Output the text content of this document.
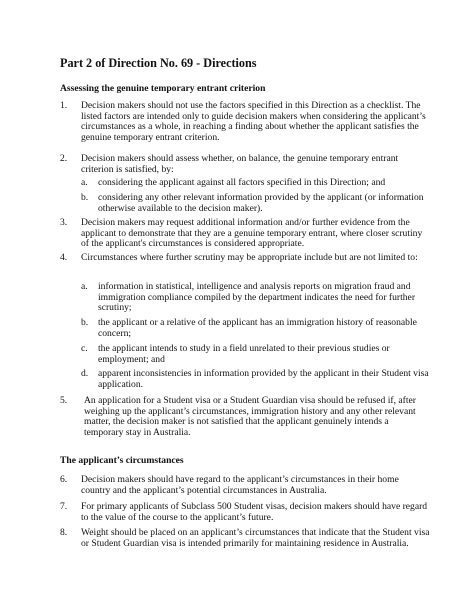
Part 2 of Direction No. 69 - Directions
Assessing the genuine temporary entrant criterion
1.	Decision makers should not use the factors specified in this Direction as a checklist. The listed factors are intended only to guide decision makers when considering the applicant’s circumstances as a whole, in reaching a finding about whether the applicant satisfies the genuine temporary entrant criterion.
2.	Decision makers should assess whether, on balance, the genuine temporary entrant criterion is satisfied, by:
a.	considering the applicant against all factors specified in this Direction; and
b.	considering any other relevant information provided by the applicant (or information otherwise available to the decision maker).
3.	Decision makers may request additional information and/or further evidence from the applicant to demonstrate that they are a genuine temporary entrant, where closer scrutiny of the applicant's circumstances is considered appropriate.
4.	Circumstances where further scrutiny may be appropriate include but are not limited to:
a.	information in statistical, intelligence and analysis reports on migration fraud and immigration compliance compiled by the department indicates the need for further scrutiny;
b.	the applicant or a relative of the applicant has an immigration history of reasonable concern;
c.	the applicant intends to study in a field unrelated to their previous studies or employment; and
d.	apparent inconsistencies in information provided by the applicant in their Student visa application.
5.	An application for a Student visa or a Student Guardian visa should be refused if, after weighing up the applicant’s circumstances, immigration history and any other relevant matter, the decision maker is not satisfied that the applicant genuinely intends a temporary stay in Australia.
The applicant’s circumstances
6.	Decision makers should have regard to the applicant’s circumstances in their home country and the applicant’s potential circumstances in Australia.
7.	For primary applicants of Subclass 500 Student visas, decision makers should have regard to the value of the course to the applicant’s future.
8.	Weight should be placed on an applicant’s circumstances that indicate that the Student visa or Student Guardian visa is intended primarily for maintaining residence in Australia.
